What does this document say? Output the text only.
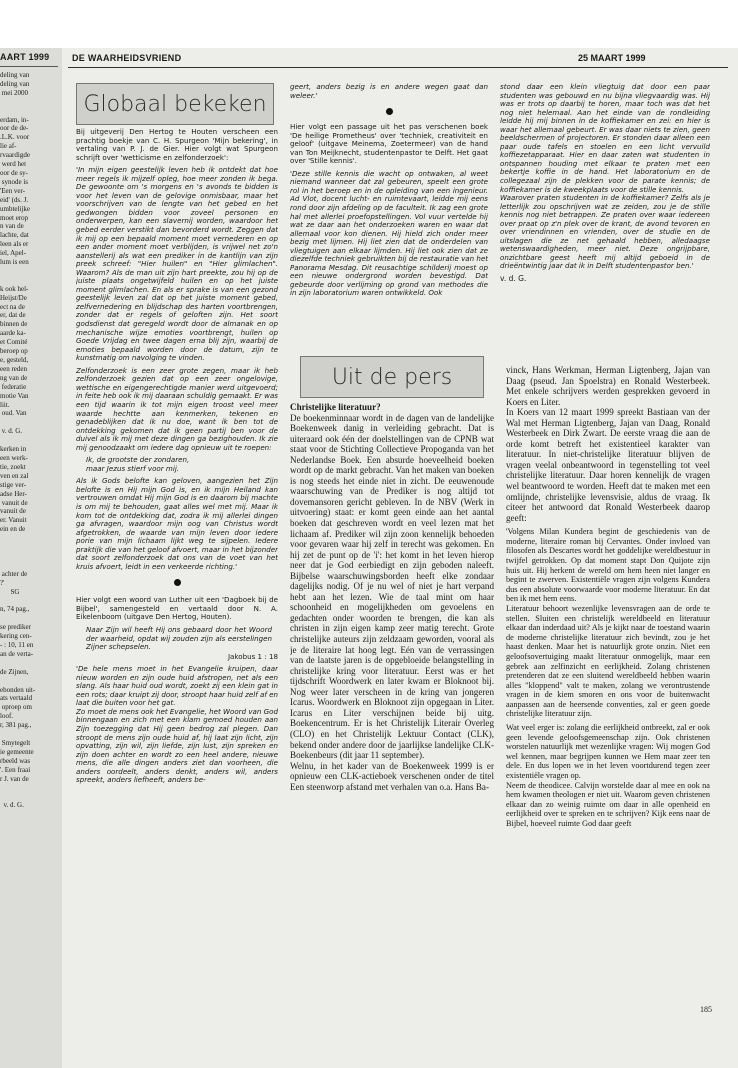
AART 1999
deling van
deling van
mei 2000

erdam, in-
oor de de-
.L.K. voor
lie af-
rvaardigde
werd het
oor de sy-
synode is
'Een ver-
eid' (ds. J.
umbtelijke
moet erop
n van de
lachte, dat
leen als er
iel, Apel-
lum is een

k ook hel-
Heijst/De
ect na de
er, dat de
binnen de
aarde ka-
et Comité
beroep op
e, gesteld,
een reden
ng van de
federatie
motie Van
liit.
oud. Van

v. d. G.

kerken in
een werk-
tie, zoekt
ven en zal
stige ver-
adse Her-
vanuit de
vanuit de
er. Vanuit
ein en de

achter de
?'
SG

n, 74 pag.,

se prediker
kering cen-
- : 10, 11 en
an de verta-

de Zijnen,

ebonden uit-
ats vertaald
oproep om
loof.
r, 381 pag.,

Smytegelt
ie gemeente
rbeeld was
'. Een fraai
r J. van de

v. d. G.
DE WAARHEIDSVRIEND	25 MAART 1999
Globaal bekeken

Bij uitgeverij Den Hertog te Houten verscheen een prachtig boekje van C. H. Spurgeon 'Mijn bekering', in vertaling van P. J. de Gier. Hier volgt wat Spurgeon schrijft over 'wetticisme en zelfonderzoek':

'In mijn eigen geestelijk leven heb ik ontdekt dat hoe meer regels ik mijzelf opleg, hoe meer zonden ik bega. De gewoonte om 's morgens en 's avonds te bidden is voor het leven van de gelovige onmisbaar, maar het voorschrijven van de lengte van het gebed en het gedwongen bidden voor zoveel personen en onderwerpen, kan een slavernij worden, waardoor het gebed eerder verstikt dan bevorderd wordt. Zeggen dat ik mij op een bepaald moment moet vernederen en op een ander moment moet verblijden, is vrijwel net zo'n aanstellerij als wat een prediker in de kantlijn van zijn preek schreef: "Hier huilen" en "Hier glimlachen". Waarom? Als de man uit zijn hart preekte, zou hij op de juiste plaats ongetwijfeld huilen en op het juiste moment glimlachen. En als er sprake is van een gezond geestelijk leven zal dat op het juiste moment gebed, zelfvernedering en blijdschap des harten voortbrengen, zonder dat er regels of geloften zijn. Het soort godsdienst dat geregeld wordt door de almanak en op mechanische wijze emoties voortbrengt, huilen op Goede Vrijdag en twee dagen erna blij zijn, waarbij de emoties bepaald worden door de datum, zijn te kunstmatig om navolging te vinden.

Zelfonderzoek is een zeer grote zegen, maar ik heb zelfonderzoek gezien dat op een zeer ongelovige, wettische en eigengerechtigde manier werd uitgevoerd; in feite heb ook ik mij daaraan schuldig gemaakt. Er was een tijd waarin ik tot mijn eigen troost veel meer waarde hechtte aan kenmerken, tekenen en genadeblijken dat ik nu doe, want ik ben tot de ontdekking gekomen dat ik geen partij ben voor de duivel als ik mij met deze dingen ga bezighouden. Ik zie mij genoodzaakt om iedere dag opnieuw uit te roepen:

Ik, de grootste der zondaren,
maar Jezus stierf voor mij.

Als ik Gods belofte kan geloven, aangezien het Zijn belofte is en Hij mijn God is, en ik mijn Heiland kan vertrouwen omdat Hij mijn God is en daarom bij machte is om mij te behouden, gaat alles wel met mij. Maar ik kom tot de ontdekking dat, zodra ik mij allerlei dingen ga afvragen, waardoor mijn oog van Christus wordt afgetrokken, de waarde van mijn leven door iedere porie van mijn lichaam lijkt weg te sijpelen. Iedere praktijk die van het geloof afvoert, maar in het bijzonder dat soort zelfonderzoek dat ons van de voet van het kruis afvoert, leidt in een verkeerde richting.'

Hier volgt een woord van Luther uit een 'Dagboek bij de Bijbel', samengesteld en vertaald door N. A. Eikelenboom (uitgave Den Hertog, Houten).

Naar Zijn wil heeft Hij ons gebaard door het Woord der waarheid, opdat wij zouden zijn als eerstelingen Zijner schepselen.

Jakobus 1 : 18

'De hele mens moet in het Evangelie kruipen, daar nieuw worden en zijn oude huid afstropen, net als een slang. Als haar huid oud wordt, zoekt zij een klein gat in een rots; daar kruipt zij door, stroopt haar huid zelf af en laat die buiten voor het gat.
Zo moet de mens ook het Evangelie, het Woord van God binnengaan en zich met een klam gemoed houden aan Zijn toezegging dat Hij geen bedrog zal plegen. Dan stroopt de mens zijn oude huid af, hij laat zijn licht, zijn opvatting, zijn wil, zijn liefde, zijn lust, zijn spreken en zijn doen achter en wordt zo een heel andere, nieuwe mens, die alle dingen anders ziet dan voorheen, die anders oordeelt, anders denkt, anders wil, anders spreekt, anders liefheeft, anders be-

geert, anders bezig is en andere wegen gaat dan weleer.'

Hier volgt een passage uit het pas verschenen boek 'De heilige Prometheus' over 'techniek, creativiteit en geloof' (uitgave Meinema, Zoetermeer) van de hand van Ton Meijknecht, studentenpastor te Delft. Het gaat over 'Stille kennis'.

'Deze stille kennis die wacht op ontwaken, al weet niemand wanneer dat zal gebeuren, speelt een grote rol in het beroep en in de opleiding van een ingenieur. Ad Vlot, docent lucht- en ruimtevaart, leidde mij eens rond door zijn afdeling op de faculteit. Ik zag een grote hal met allerlei proefopstellingen. Vol vuur vertelde hij wat ze daar aan het onderzoeken waren en waar dat allemaal voor kon dienen. Hij hield zich onder meer bezig met lijmen. Hij liet zien dat de onderdelen van vliegtuigen aan elkaar lijmden. Hij liet ook zien dat ze diezelfde techniek gebruikten bij de restauratie van het Panorama Mesdag. Dit reusachtige schilderij moest op een nieuwe ondergrond worden bevestigd. Dat gebeurde door verlijming op grond van methodes die in zijn laboratorium waren ontwikkeld. Ook

stond daar een klein vliegtuig dat door een paar studenten was gebouwd en nu bijna vliegvaardig was. Hij was er trots op daarbij te horen, maar toch was dat het nog niet helemaal. Aan het einde van de rondleiding leidde hij mij binnen in de koffiekamer en zei: en hier is waar het allemaal gebeurt. Er was daar niets te zien, geen beeldschermen of projectoren. Er stonden daar alleen een paar oude tafels en stoelen en een licht vervuild koffiezetapparaat. Hier en daar zaten wat studenten in ontspannen houding met elkaar te praten met een bekertje koffie in de hand. Het laboratorium en de collegezaal zijn de plekken voor de parate kennis; de koffiekamer is de kweekplaats voor de stille kennis.
Waarover praten studenten in de koffiekamer? Zelfs als je letterlijk zou opschrijven wat ze zeiden, zou je de stille kennis nog niet betrappen. Ze praten over waar iedereen over praat op z'n plek over de krant, de avond tevoren en over vriendinnen en vrienden, over de studie en de uitslagen die ze net gehaald hebben, alledaagse wetenswaardigheden, meer niet. Deze ongrijpbare, onzichtbare geest heeft mij altijd geboeid in de drieëntwintig jaar dat ik in Delft studentenpastor ben.'

v. d. G.

Uit de pers

Christelijke literatuur?

De boekenminnaar wordt in de dagen van de landelijke Boekenweek danig in verleiding gebracht. Dat is uiteraard ook één der doelstellingen van de CPNB wat staat voor de Stichting Collectieve Propoganda van het Nederlandse Boek. Een absurde hoeveelheid boeken wordt op de markt gebracht. Van het maken van boeken is nog steeds het einde niet in zicht. De eeuwenoude waarschuwing van de Prediker is nog altijd tot dovemansoren gericht gebleven. In de NBV (Werk in uitvoering) staat: er komt geen einde aan het aantal boeken dat geschreven wordt en veel lezen mat het lichaam af. Prediker wil zijn zoon kennelijk behoeden voor gevaren waar hij zelf in terecht was gekomen. En hij zet de punt op de 'i': het komt in het leven hierop neer dat je God eerbiedigt en zijn geboden naleeft. Bijbelse waarschuwingsborden heeft elke zondaar dagelijks nodig. Of je nu wel of niet je hart verpand hebt aan het lezen. Wie de taal mint om haar schoonheid en mogelijkheden om gevoelens en gedachten onder woorden te brengen, die kan als christen in zijn eigen kamp zeer matig terecht. Grote christelijke auteurs zijn zeldzaam geworden, vooral als je de literaire lat hoog legt. Eén van de verrassingen van de laatste jaren is de opgebloeide belangstelling in christelijke kring voor literatuur. Eerst was er het tijdschrift Woordwerk en later kwam er Bloknoot bij. Nog weer later verscheen in de kring van jongeren Icarus. Woordwerk en Bloknoot zijn opgegaan in Liter. Icarus en Liter verschijnen beide bij uitg. Boekencentrum. Er is het Christelijk Literair Overleg (CLO) en het Christelijk Lektuur Contact (CLK), bekend onder andere door de jaarlijkse landelijke CLK-Boekenbeurs (dit jaar 11 september).
Welnu, in het kader van de Boekenweek 1999 is er opnieuw een CLK-actieboek verschenen onder de titel Een steenworp afstand met verhalen van o.a. Hans Ba-

vinck, Hans Werkman, Herman Ligtenberg, Jajan van Daag (pseud. Jan Spoelstra) en Ronald Westerbeek. Met enkele schrijvers werden gesprekken gevoerd in Koers en Liter.
In Koers van 12 maart 1999 spreekt Bastiaan van der Wal met Herman Ligtenberg, Jajan van Daag, Ronald Westerbeek en Dirk Zwart. De eerste vraag die aan de orde komt betreft het existentieel karakter van literatuur. In niet-christelijke literatuur blijven de vragen veelal onbeantwoord in tegenstelling tot veel christelijke literatuur. Daar horen kennelijk de vragen wel beantwoord te worden. Heeft dat te maken met een omlijnde, christelijke levensvisie, aldus de vraag. Ik citeer het antwoord dat Ronald Westerbeek daarop geeft:

'Volgens Milan Kundera begint de geschiedenis van de moderne, literaire roman bij Cervantes. Onder invloed van filosofen als Descartes wordt het goddelijke wereldbestuur in twijfel getrokken. Op dat moment stapt Don Quijote zijn huis uit. Hij herkent de wereld om hem heen niet langer en begint te zwerven. Existentiële vragen zijn volgens Kundera dus een absolute voorwaarde voor moderne literatuur. En dat ben ik met hem eens.
Literatuur behoort wezenlijke levensvragen aan de orde te stellen. Sluiten een christelijk wereldbeeld en literatuur elkaar dan inderdaad uit? Als je kijkt naar de toestand waarin de moderne christelijke literatuur zich bevindt, zou je het haast denken. Maar het is natuurlijk grote onzin. Niet een geloofsovertuiging maakt literatuur onmogelijk, maar een gebrek aan zelfinzicht en eerlijkheid. Zolang christenen pretenderen dat ze een sluitend wereldbeeld hebben waarin alles "kloppend" valt te maken, zolang we verontrustende vragen in de kiem smoren en ons voor de buitenwacht aanpassen aan de heersende conventies, zal er geen goede christelijke literatuur zijn.

Wat veel erger is: zolang die eerlijkheid ontbreekt, zal er ook geen levende geloofsgemeenschap zijn. Ook christenen worstelen natuurlijk met wezenlijke vragen: Wij mogen God wel kennen, maar begrijpen kunnen we Hem maar zeer ten dele. En dus lopen we in het leven voortdurend tegen zeer existentiële vragen op.
Neem de theodicee. Calvijn worstelde daar al mee en ook na hem kwamen theologen er niet uit. Waarom geven christenen elkaar dan zo weinig ruimte om daar in alle openheid en eerlijkheid over te spreken en te schrijven? Kijk eens naar de Bijbel, hoeveel ruimte God daar geeft

185
